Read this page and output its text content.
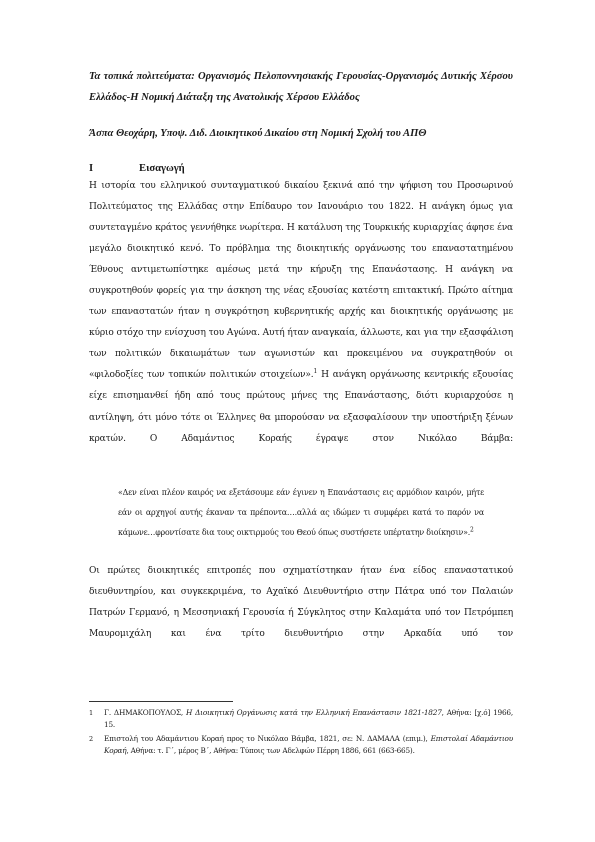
Τα τοπικά πολιτεύματα: Οργανισμός Πελοποννησιακής Γερουσίας-Οργανισμός Δυτικής Χέρσου Ελλάδος-Η Νομική Διάταξη της Ανατολικής Χέρσου Ελλάδος
Άσπα Θεοχάρη, Υποψ. Διδ. Διοικητικού Δικαίου στη Νομική Σχολή του ΑΠΘ
I	Εισαγωγή

Η ιστορία του ελληνικού συνταγματικού δικαίου ξεκινά από την ψήφιση του Προσωρινού Πολιτεύματος της Ελλάδας στην Επίδαυρο τον Ιανουάριο του 1822. Η ανάγκη όμως για συντεταγμένο κράτος γεννήθηκε νωρίτερα. Η κατάλυση της Τουρκικής κυριαρχίας άφησε ένα μεγάλο διοικητικό κενό. Το πρόβλημα της διοικητικής οργάνωσης του επαναστατημένου Έθνους αντιμετωπίστηκε αμέσως μετά την κήρυξη της Επανάστασης. Η ανάγκη να συγκροτηθούν φορείς για την άσκηση της νέας εξουσίας κατέστη επιτακτική. Πρώτο αίτημα των επαναστατών ήταν η συγκρότηση κυβερνητικής αρχής και διοικητικής οργάνωσης με κύριο στόχο την ενίσχυση του Αγώνα. Αυτή ήταν αναγκαία, άλλωστε, και για την εξασφάλιση των πολιτικών δικαιωμάτων των αγωνιστών και προκειμένου να συγκρατηθούν οι «φιλοδοξίες των τοπικών πολιτικών στοιχείων».$^1$ Η ανάγκη οργάνωσης κεντρικής εξουσίας είχε επισημανθεί ήδη από τους πρώτους μήνες της Επανάστασης, διότι κυριαρχούσε η αντίληψη, ότι μόνο τότε οι Έλληνες θα μπορούσαν να εξασφαλίσουν την υποστήριξη ξένων κρατών. Ο Αδαμάντιος Κοραής έγραψε στον Νικόλαο Βάμβα:

«Δεν είναι πλέον καιρός να εξετάσουμε εάν έγινεν η Επανάστασις εις αρμόδιον καιρόν, μήτε εάν οι αρχηγοί αυτής έκαναν τα πρέποντα….αλλά ας ιδώμεν τι συμφέρει κατά το παρόν να κάμωνε…φροντίσατε δια τους οικτιρμούς του Θεού όπως συστήσετε υπέρτατην διοίκησιν».$^2$

Οι πρώτες διοικητικές επιτροπές που σχηματίστηκαν ήταν ένα είδος επαναστατικού διευθυντηρίου, και συγκεκριμένα, το Αχαϊκό Διευθυντήριο στην Πάτρα υπό τον Παλαιών Πατρών Γερμανό, η Μεσσηνιακή Γερουσία ή Σύγκλητος στην Καλαμάτα υπό τον Πετρόμπεη Μαυρομιχάλη και ένα τρίτο διευθυντήριο στην Αρκαδία υπό τον

1 Γ. ΔΗΜΑΚΟΠΟΥΛΟΣ, Η Διοικητική Οργάνωσις κατά την Ελληνική Επανάστασιν 1821-1827, Αθήνα: [χ.ό] 1966, 15.
2 Επιστολή του Αδαμάντιου Κοραή προς το Νικόλαο Βάμβα, 1821, σε: Ν. ΔΑΜΑΛΑ (επιμ.), Επιστολαί Αδαμάντιου Κοραή, Αθήνα: τ. Γ΄, μέρος Β΄, Αθήνα: Τύποις των Αδελφών Πέρρη 1886, 661 (663-665).
